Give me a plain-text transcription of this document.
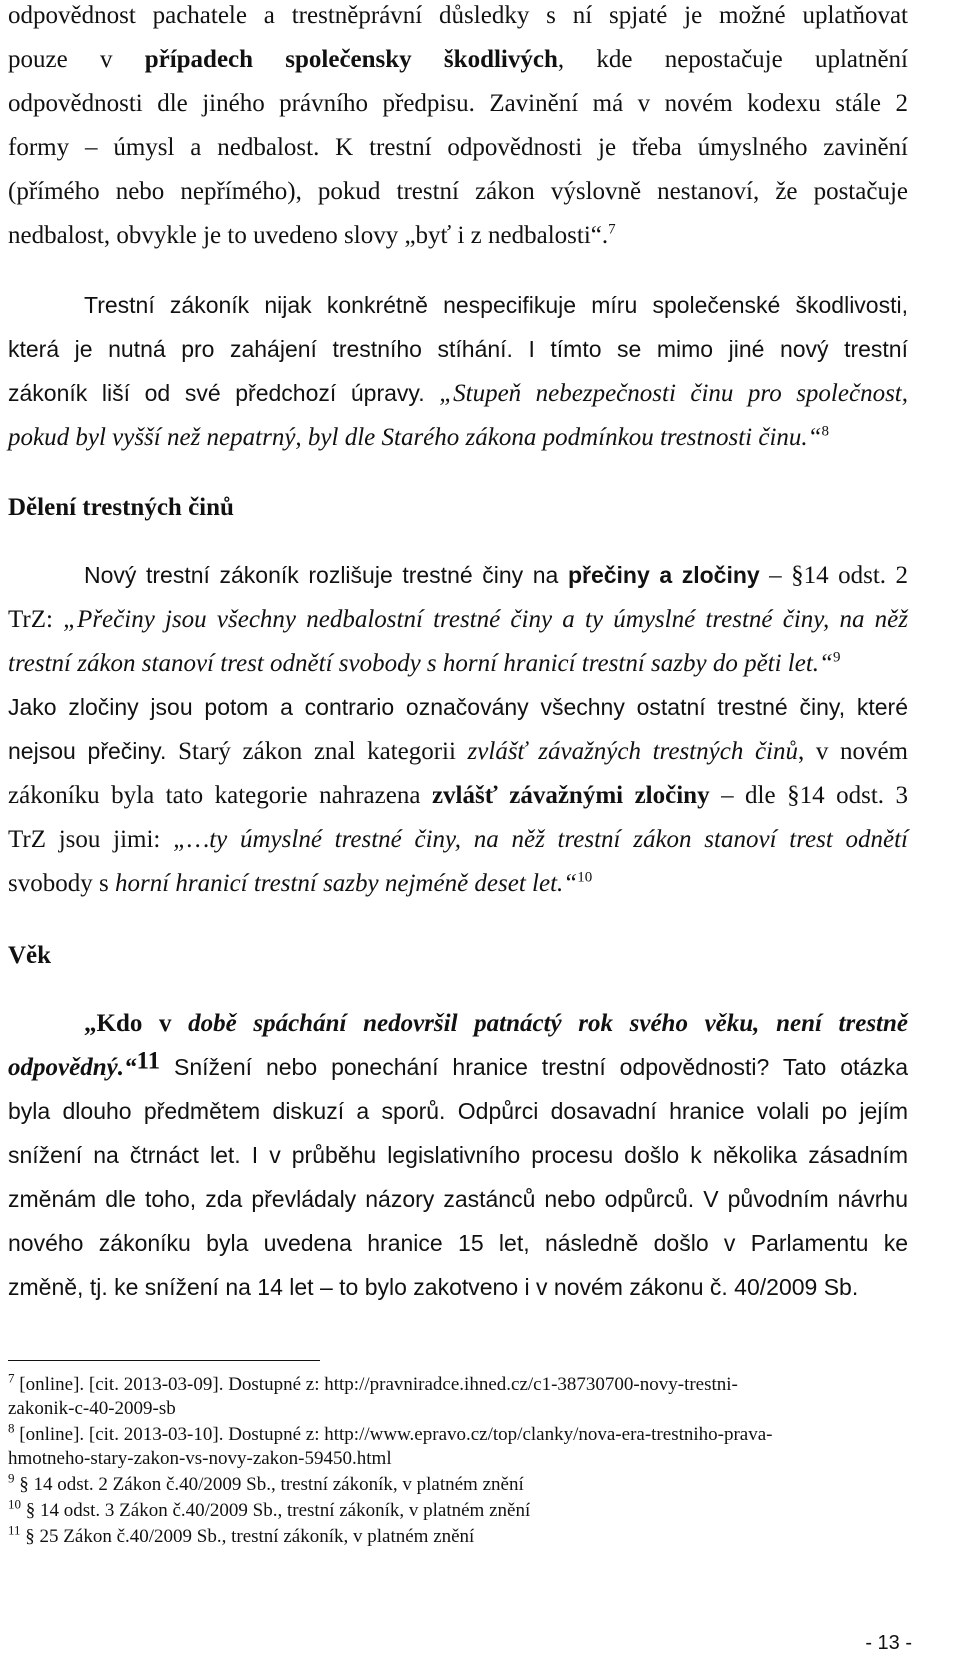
odpovědnost pachatele a trestněprávní důsledky s ní spjaté je možné uplatňovat
pouze v případech společensky škodlivých, kde nepostačuje uplatnění
odpovědnosti dle jiného právního předpisu. Zavinění má v novém kodexu stále 2
formy – úmysl a nedbalost. K trestní odpovědnosti je třeba úmyslného zavinění
(přímého nebo nepřímého), pokud trestní zákon výslovně nestanoví, že postačuje
nedbalost, obvykle je to uvedeno slovy „byť i z nedbalosti“.$^7$
Trestní zákoník nijak konkrétně nespecifikuje míru společenské škodlivosti,
která je nutná pro zahájení trestního stíhání. I tímto se mimo jiné nový trestní
zákoník liší od své předchozí úpravy. „Stupeň nebezpečnosti činu pro společnost,
pokud byl vyšší než nepatrný, byl dle Starého zákona podmínkou trestnosti činu.“$^8$
Dělení trestných činů
Nový trestní zákoník rozlišuje trestné činy na přečiny a zločiny – §14 odst. 2
TrZ: „Přečiny jsou všechny nedbalostní trestné činy a ty úmyslné trestné činy, na něž
trestní zákon stanoví trest odnětí svobody s horní hranicí trestní sazby do pěti let.“$^9$
Jako zločiny jsou potom a contrario označovány všechny ostatní trestné činy, které
nejsou přečiny. Starý zákon znal kategorii zvlášť závažných trestných činů, v novém
zákoníku byla tato kategorie nahrazena zvlášť závažnými zločiny – dle §14 odst. 3
TrZ jsou jimi: „…ty úmyslné trestné činy, na něž trestní zákon stanoví trest odnětí
svobody s horní hranicí trestní sazby nejméně deset let.“$^{10}$
Věk
„Kdo v době spáchání nedovršil patnáctý rok svého věku, není trestně
odpovědný.“$^{11}$ Snížení nebo ponechání hranice trestní odpovědnosti? Tato otázka
byla dlouho předmětem diskuzí a sporů. Odpůrci dosavadní hranice volali po jejím
snížení na čtrnáct let. I v průběhu legislativního procesu došlo k několika zásadním
změnám dle toho, zda převládaly názory zastánců nebo odpůrců. V původním návrhu
nového zákoníku byla uvedena hranice 15 let, následně došlo v Parlamentu ke
změně, tj. ke snížení na 14 let – to bylo zakotveno i v novém zákonu č. 40/2009 Sb.
$^7$ [online]. [cit. 2013-03-09]. Dostupné z: http://pravniradce.ihned.cz/c1-38730700-novy-trestni-
zakonik-c-40-2009-sb
$^8$ [online]. [cit. 2013-03-10]. Dostupné z: http://www.epravo.cz/top/clanky/nova-era-trestniho-prava-
hmotneho-stary-zakon-vs-novy-zakon-59450.html
$^9$ § 14 odst. 2 Zákon č.40/2009 Sb., trestní zákoník, v platném znění
$^{10}$ § 14 odst. 3 Zákon č.40/2009 Sb., trestní zákoník, v platném znění
$^{11}$ § 25 Zákon č.40/2009 Sb., trestní zákoník, v platném znění
- 13 -
